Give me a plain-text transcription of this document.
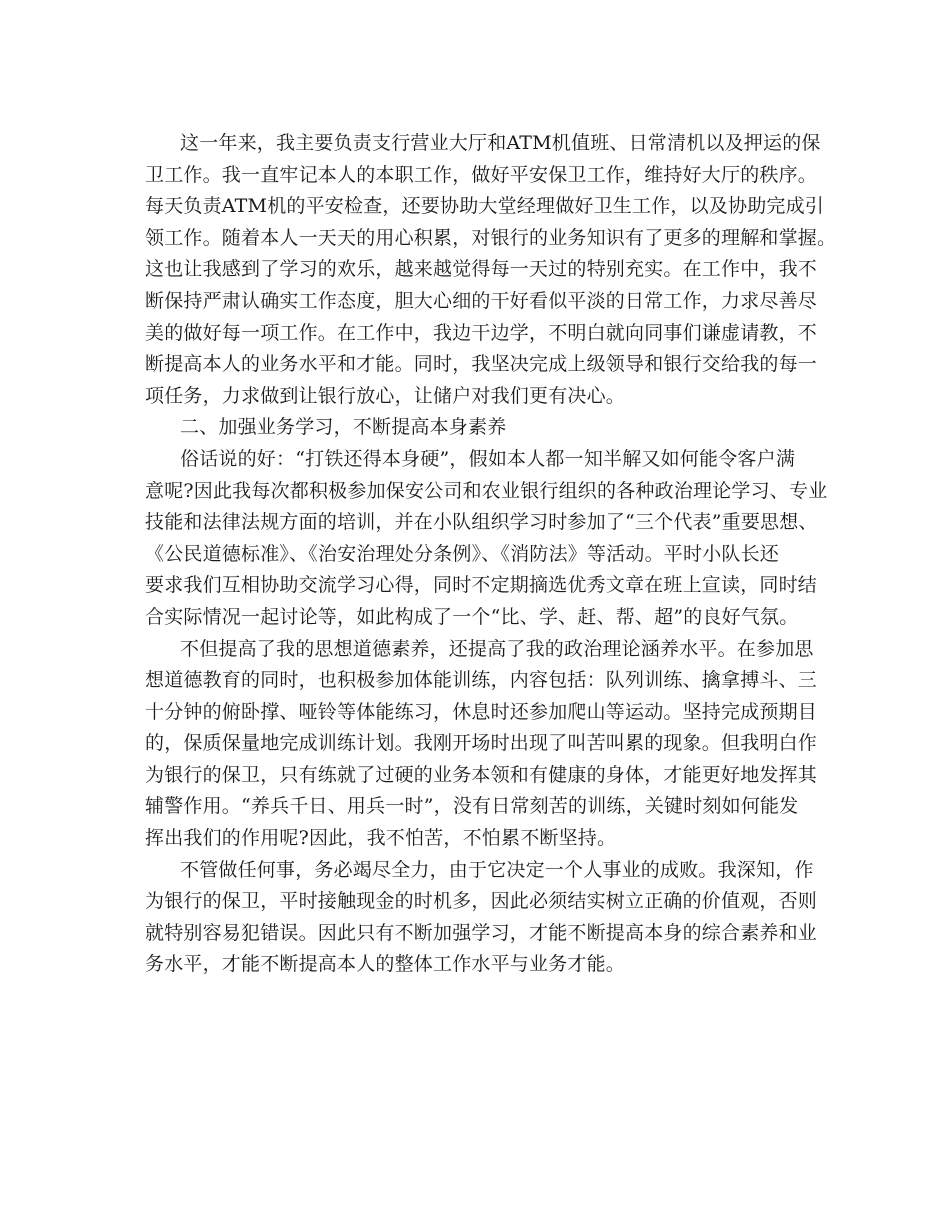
这一年来，我主要负责支行营业大厅和ATM机值班、日常清机以及押运的保
卫工作。我一直牢记本人的本职工作，做好平安保卫工作，维持好大厅的秩序。
每天负责ATM机的平安检查，还要协助大堂经理做好卫生工作，以及协助完成引
领工作。随着本人一天天的用心积累，对银行的业务知识有了更多的理解和掌握。
这也让我感到了学习的欢乐，越来越觉得每一天过的特别充实。在工作中，我不
断保持严肃认确实工作态度，胆大心细的干好看似平淡的日常工作，力求尽善尽
美的做好每一项工作。在工作中，我边干边学，不明白就向同事们谦虚请教，不
断提高本人的业务水平和才能。同时，我坚决完成上级领导和银行交给我的每一
项任务，力求做到让银行放心，让储户对我们更有决心。
二、加强业务学习，不断提高本身素养
俗话说的好：“打铁还得本身硬”，假如本人都一知半解又如何能令客户满
意呢?因此我每次都积极参加保安公司和农业银行组织的各种政治理论学习、专业
技能和法律法规方面的培训，并在小队组织学习时参加了“三个代表”重要思想、
《公民道德标准》、《治安治理处分条例》、《消防法》等活动。平时小队长还
要求我们互相协助交流学习心得，同时不定期摘选优秀文章在班上宣读，同时结
合实际情况一起讨论等，如此构成了一个“比、学、赶、帮、超”的良好气氛。
不但提高了我的思想道德素养，还提高了我的政治理论涵养水平。在参加思
想道德教育的同时，也积极参加体能训练，内容包括：队列训练、擒拿搏斗、三
十分钟的俯卧撑、哑铃等体能练习，休息时还参加爬山等运动。坚持完成预期目
的，保质保量地完成训练计划。我刚开场时出现了叫苦叫累的现象。但我明白作
为银行的保卫，只有练就了过硬的业务本领和有健康的身体，才能更好地发挥其
辅警作用。“养兵千日、用兵一时”，没有日常刻苦的训练，关键时刻如何能发
挥出我们的作用呢?因此，我不怕苦，不怕累不断坚持。
不管做任何事，务必竭尽全力，由于它决定一个人事业的成败。我深知，作
为银行的保卫，平时接触现金的时机多，因此必须结实树立正确的价值观，否则
就特别容易犯错误。因此只有不断加强学习，才能不断提高本身的综合素养和业
务水平，才能不断提高本人的整体工作水平与业务才能。
